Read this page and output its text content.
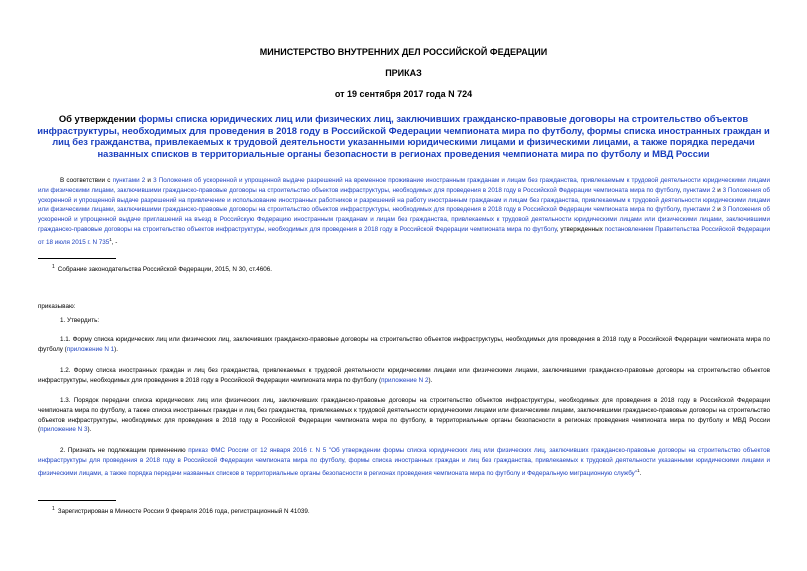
МИНИСТЕРСТВО ВНУТРЕННИХ ДЕЛ РОССИЙСКОЙ ФЕДЕРАЦИИ
ПРИКАЗ
от 19 сентября 2017 года N 724
Об утверждении формы списка юридических лиц или физических лиц, заключивших гражданско-правовые договоры на строительство объектов инфраструктуры, необходимых для проведения в 2018 году в Российской Федерации чемпионата мира по футболу, формы списка иностранных граждан и лиц без гражданства, привлекаемых к трудовой деятельности указанными юридическими лицами и физическими лицами, а также порядка передачи названных списков в территориальные органы безопасности в регионах проведения чемпионата мира по футболу и МВД России
В соответствии с пунктами 2 и 3 Положения об ускоренной и упрощенной выдаче разрешений на временное проживание иностранным гражданам и лицам без гражданства, привлекаемым к трудовой деятельности юридическими лицами или физическими лицами, заключившими гражданско-правовые договоры на строительство объектов инфраструктуры, необходимых для проведения в 2018 году в Российской Федерации чемпионата мира по футболу, пунктами 2 и 3 Положения об ускоренной и упрощенной выдаче разрешений на привлечение и использование иностранных работников и разрешений на работу иностранным гражданам и лицам без гражданства, привлекаемым к трудовой деятельности юридическими лицами или физическими лицами, заключившими гражданско-правовые договоры на строительство объектов инфраструктуры, необходимых для проведения в 2018 году в Российской Федерации чемпионата мира по футболу, пунктами 2 и 3 Положения об ускоренной и упрощенной выдаче приглашений на въезд в Российскую Федерацию иностранным гражданам и лицам без гражданства, привлекаемых к трудовой деятельности юридическими лицами или физическими лицами, заключившими гражданско-правовые договоры на строительство объектов инфраструктуры, необходимых для проведения в 2018 году в Российской Федерации чемпионата мира по футболу, утвержденных постановлением Правительства Российской Федерации от 18 июля 2015 г. N $735^1$, -
$^1$ Собрание законодательства Российской Федерации, 2015, N 30, ст.4606.
приказываю:
1. Утвердить:
1.1. Форму списка юридических лиц или физических лиц, заключивших гражданско-правовые договоры на строительство объектов инфраструктуры, необходимых для проведения в 2018 году в Российской Федерации чемпионата мира по футболу (приложение N 1).
1.2. Форму списка иностранных граждан и лиц без гражданства, привлекаемых к трудовой деятельности юридическими лицами или физическими лицами, заключившими гражданско-правовые договоры на строительство объектов инфраструктуры, необходимых для проведения в 2018 году в Российской Федерации чемпионата мира по футболу (приложение N 2).
1.3. Порядок передачи списка юридических лиц или физических лиц, заключивших гражданско-правовые договоры на строительство объектов инфраструктуры, необходимых для проведения в 2018 году в Российской Федерации чемпионата мира по футболу, а также списка иностранных граждан и лиц без гражданства, привлекаемых к трудовой деятельности юридическими лицами или физическими лицами, заключившими гражданско-правовые договоры на строительство объектов инфраструктуры, необходимых для проведения в 2018 году в Российской Федерации чемпионата мира по футболу, в территориальные органы безопасности в регионах проведения чемпионата мира по футболу и МВД России (приложение N 3).
2. Признать не подлежащим применению приказ ФМС России от 12 января 2016 г. N 5 "Об утверждении формы списка юридических лиц или физических лиц, заключивших гражданско-правовые договоры на строительство объектов инфраструктуры для проведения в 2018 году в Российской Федерации чемпионата мира по футболу, формы списка иностранных граждан и лиц без гражданства, привлекаемых к трудовой деятельности указанными юридическими лицами и физическими лицами, а также порядка передачи названных списков в территориальные органы безопасности в регионах проведения чемпионата мира по футболу и Федеральную миграционную службу"$^1$.
$^1$ Зарегистрирован в Минюсте России 9 февраля 2016 года, регистрационный N 41039.
